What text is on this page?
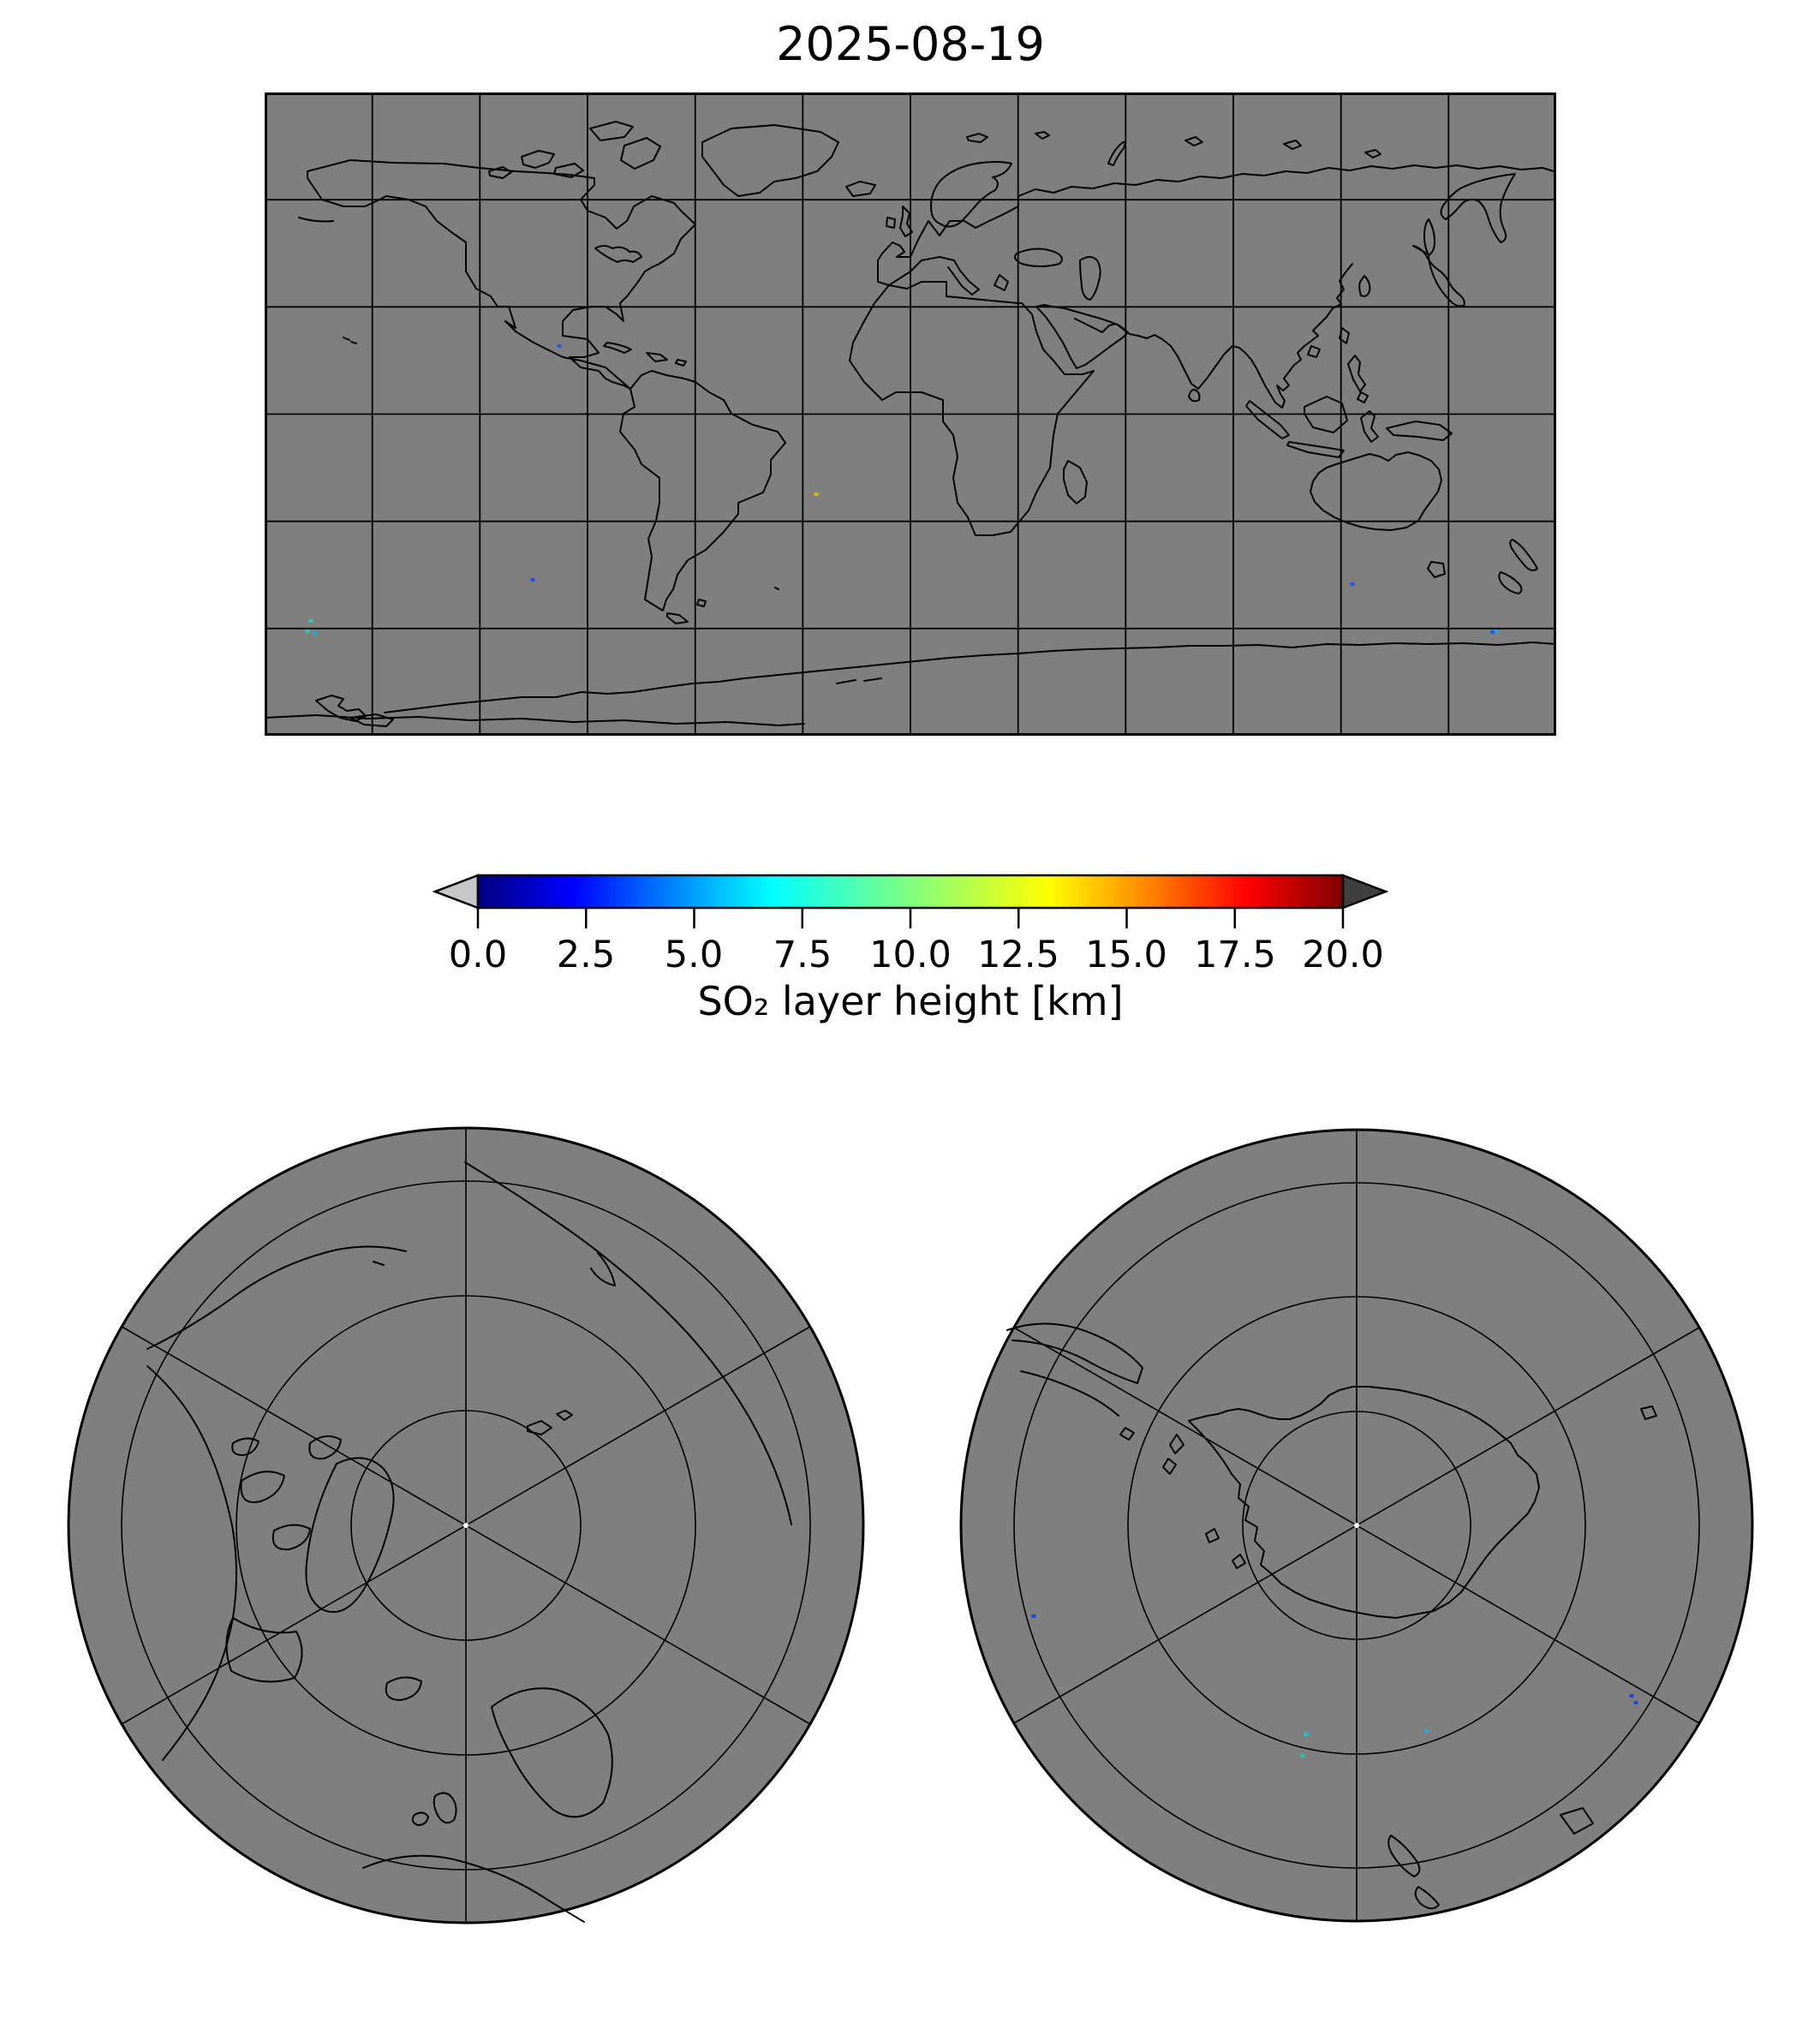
2025-08-19
0.0 2.5 5.0 7.5 10.0 12.5 15.0 17.5 20.0
SO₂ layer height [km]
